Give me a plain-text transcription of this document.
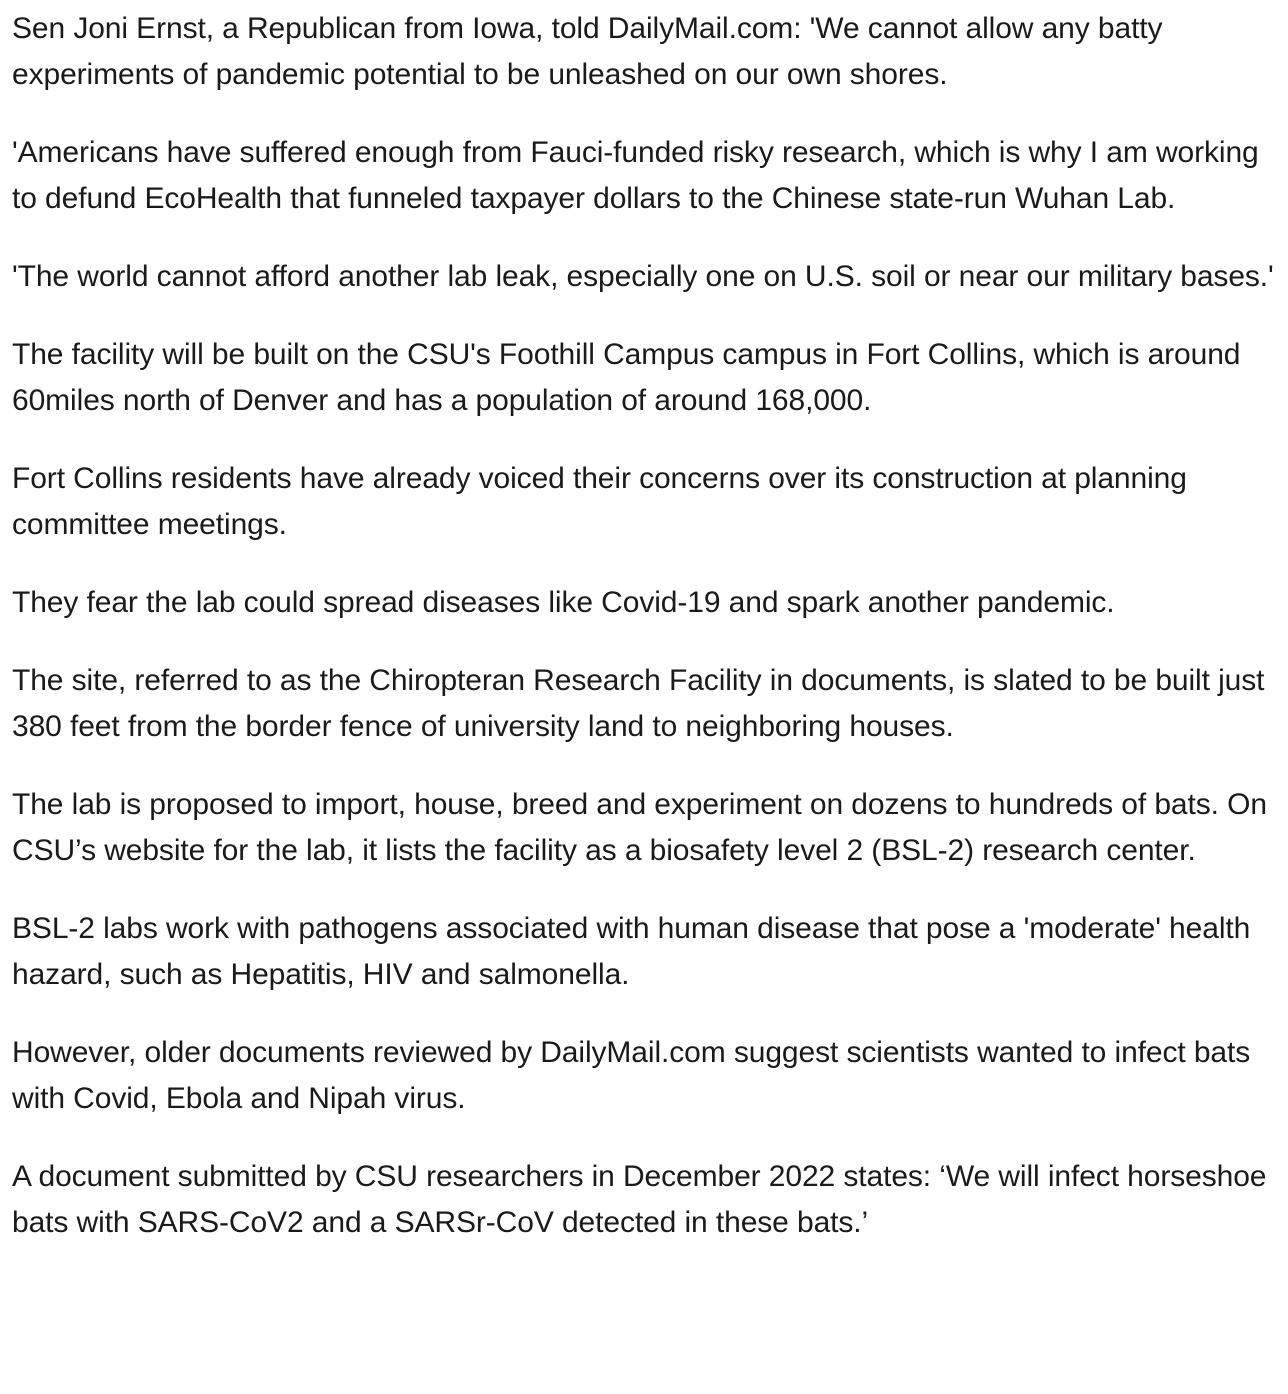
Sen Joni Ernst, a Republican from Iowa, told DailyMail.com: 'We cannot allow any batty experiments of pandemic potential to be unleashed on our own shores.

'Americans have suffered enough from Fauci-funded risky research, which is why I am working to defund EcoHealth that funneled taxpayer dollars to the Chinese state-run Wuhan Lab.

'The world cannot afford another lab leak, especially one on U.S. soil or near our military bases.'

The facility will be built on the CSU's Foothill Campus campus in Fort Collins, which is around 60miles north of Denver and has a population of around 168,000.

Fort Collins residents have already voiced their concerns over its construction at planning committee meetings.

They fear the lab could spread diseases like Covid-19 and spark another pandemic.

The site, referred to as the Chiropteran Research Facility in documents, is slated to be built just 380 feet from the border fence of university land to neighboring houses.

The lab is proposed to import, house, breed and experiment on dozens to hundreds of bats. On CSU’s website for the lab, it lists the facility as a biosafety level 2 (BSL-2) research center.

BSL-2 labs work with pathogens associated with human disease that pose a 'moderate' health hazard, such as Hepatitis, HIV and salmonella.

However, older documents reviewed by DailyMail.com suggest scientists wanted to infect bats with Covid, Ebola and Nipah virus.

A document submitted by CSU researchers in December 2022 states: ‘We will infect horseshoe bats with SARS-CoV2 and a SARSr-CoV detected in these bats.’
